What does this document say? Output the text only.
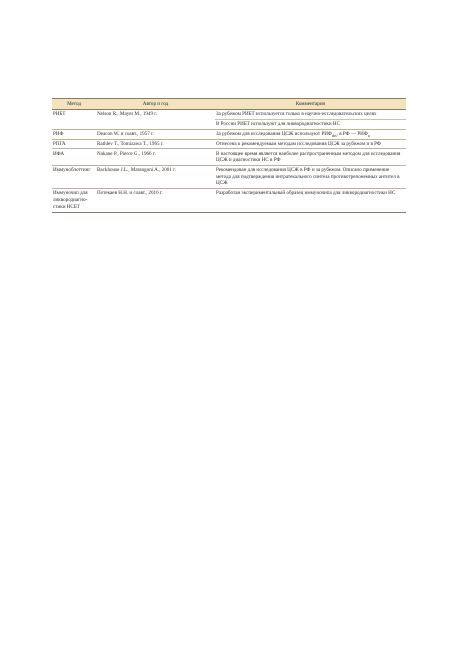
Метод	Автор и год	Комментарии
РИБТ	Nelson R., Mayer M., 1949 г.	За рубежом РИБТ используется только в научно-исследовательских целях
		В России РИБТ используют для ликвородиагностики НС
РИФ	Deacon W. и соавт., 1957 г.	За рубежом для исследования ЦСЖ используют $РИФ_{abs}$, в РФ — $РИФ_ц$
РПГА	Rathlev T., Tomizawa T., 1965 г.	Отнесена к рекомендуемым методам исследования ЦСЖ за рубежом и в РФ
ИФА	Nakane P., Pierce G., 1966 г.	В настоящее время является наиболее распространенным методом для исследования ЦСЖ и диагностики НС в РФ
Иммуноблоттинг	Backhouse J.L., Marangoni A., 2001 г.	Рекомендован для исследования ЦСЖ в РФ и за рубежом. Описано применение метода для подтверждения интратекального синтеза противотрепонемных антител в ЦСЖ
Иммуночип для ликвородиагностики НСБТ	Потекаев Н.Н. и соавт., 2016 г.	Разработан экспериментальный образец иммуночипа для ликвородиагностики НС
